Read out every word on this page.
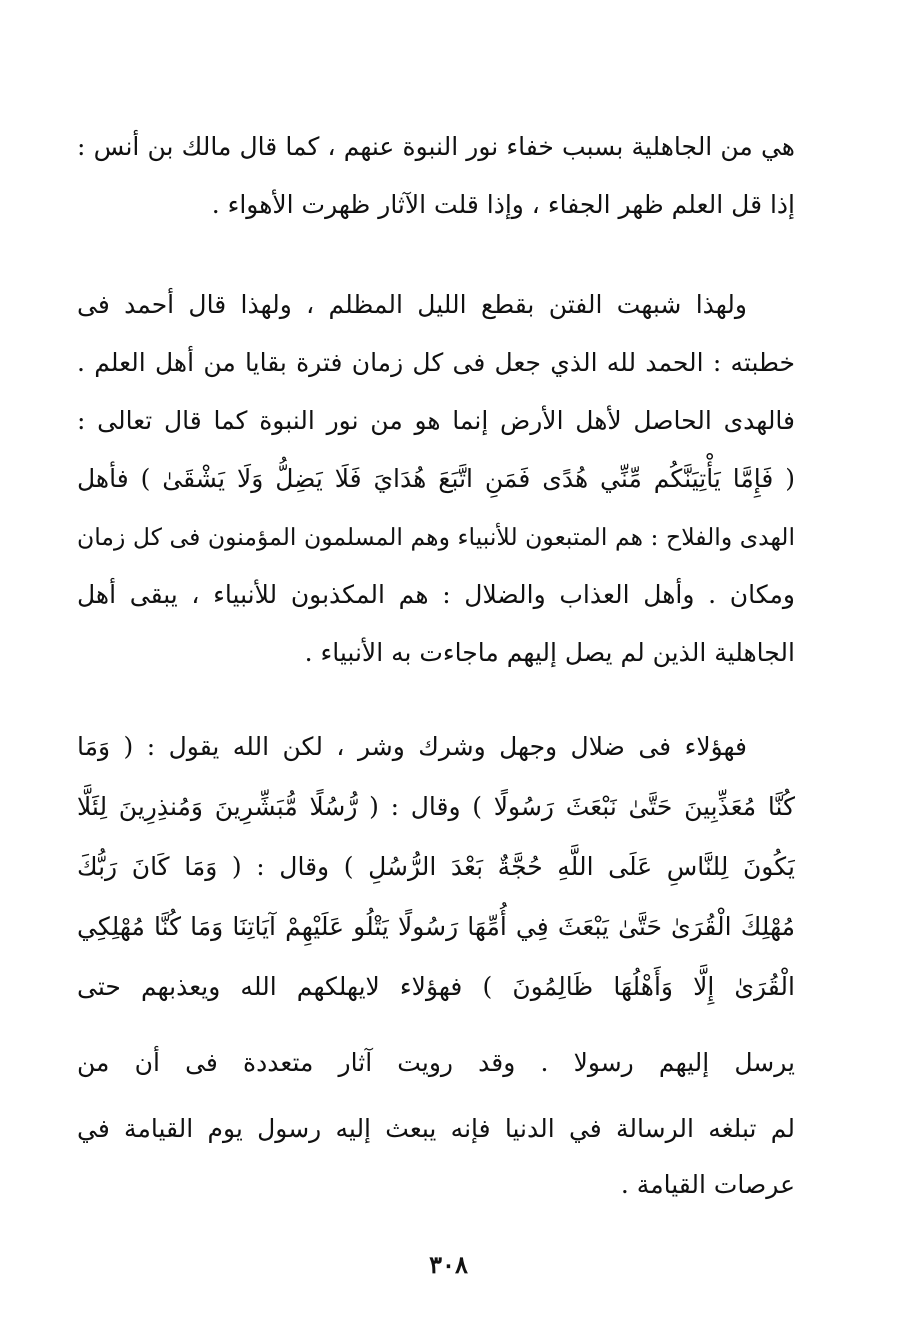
هي من الجاهلية بسبب خفاء نور النبوة عنهم ، كما قال مالك بن أنس :
إذا قل العلم ظهر الجفاء ، وإذا قلت الآثار ظهرت الأهواء .
ولهذا شبهت الفتن بقطع الليل المظلم ، ولهذا قال أحمد فى
خطبته : الحمد لله الذي جعل فى كل زمان فترة بقايا من أهل العلم .
فالهدى الحاصل لأهل الأرض إنما هو من نور النبوة كما قال تعالى :
( فَإِمَّا يَأْتِيَنَّكُم مِّنِّي هُدًى فَمَنِ اتَّبَعَ هُدَايَ فَلَا يَضِلُّ وَلَا يَشْقَىٰ ) فأهل
الهدى والفلاح : هم المتبعون للأنبياء وهم المسلمون المؤمنون فى كل زمان
ومكان . وأهل العذاب والضلال : هم المكذبون للأنبياء ، يبقى أهل
الجاهلية الذين لم يصل إليهم ماجاءت به الأنبياء .
فهؤلاء فى ضلال وجهل وشرك وشر ، لكن الله يقول : ( وَمَا
كُنَّا مُعَذِّبِينَ حَتَّىٰ نَبْعَثَ رَسُولًا ) وقال : ( رُّسُلًا مُّبَشِّرِينَ وَمُنذِرِينَ لِئَلَّا
يَكُونَ لِلنَّاسِ عَلَى اللَّهِ حُجَّةٌ بَعْدَ الرُّسُلِ ) وقال : ( وَمَا كَانَ رَبُّكَ
مُهْلِكَ الْقُرَىٰ حَتَّىٰ يَبْعَثَ فِي أُمِّهَا رَسُولًا يَتْلُو عَلَيْهِمْ آيَاتِنَا وَمَا كُنَّا مُهْلِكِي
الْقُرَىٰ إِلَّا وَأَهْلُهَا ظَالِمُونَ ) فهؤلاء لايهلكهم الله ويعذبهم حتى
يرسل إليهم رسولا . وقد رويت آثار متعددة فى أن من
لم تبلغه الرسالة في الدنيا فإنه يبعث إليه رسول يوم القيامة في
عرصات القيامة .
٣٠٨
